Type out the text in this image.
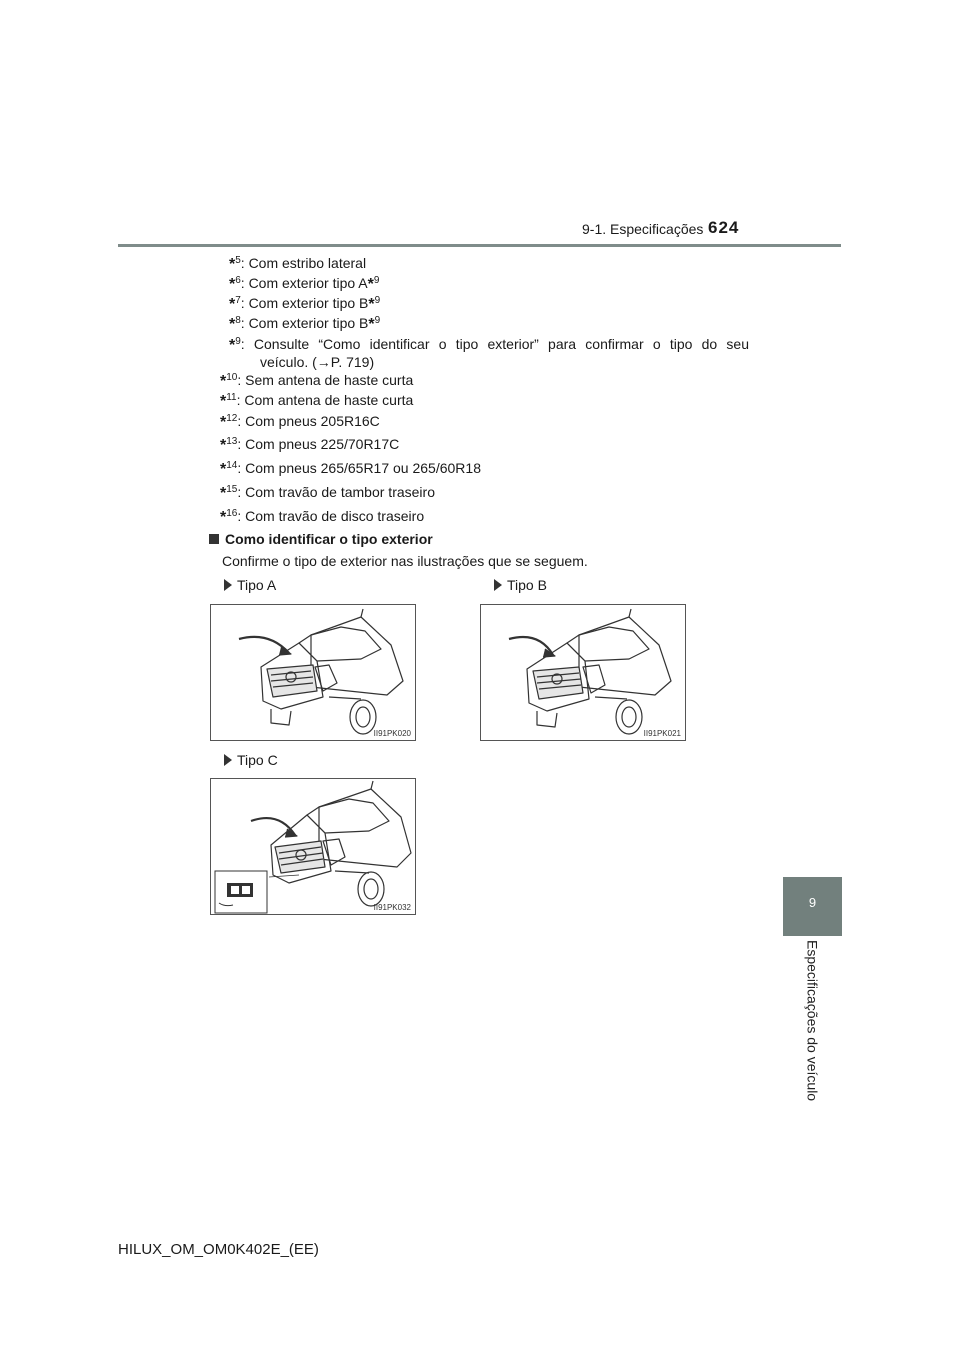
9-1. Especificações 624
9
Especificações do veículo
*$^5$: Com estribo lateral
*$^6$: Com exterior tipo A*$^9$
*$^7$: Com exterior tipo B*$^9$
*$^8$: Com exterior tipo B*$^9$
*$^9$: Consulte “Como identificar o tipo exterior” para confirmar o tipo do seu
veículo. (→P. 719)
*$^{10}$: Sem antena de haste curta
*$^{11}$: Com antena de haste curta
*$^{12}$: Com pneus 205R16C
*$^{13}$: Com pneus 225/70R17C
*$^{14}$: Com pneus 265/65R17 ou 265/60R18
*$^{15}$: Com travão de tambor traseiro
*$^{16}$: Com travão de disco traseiro
Como identificar o tipo exterior
Confirme o tipo de exterior nas ilustrações que se seguem.
Tipo A	Tipo B
Tipo C
II91PK020	II91PK021
II91PK032
HILUX_OM_OM0K402E_(EE)
